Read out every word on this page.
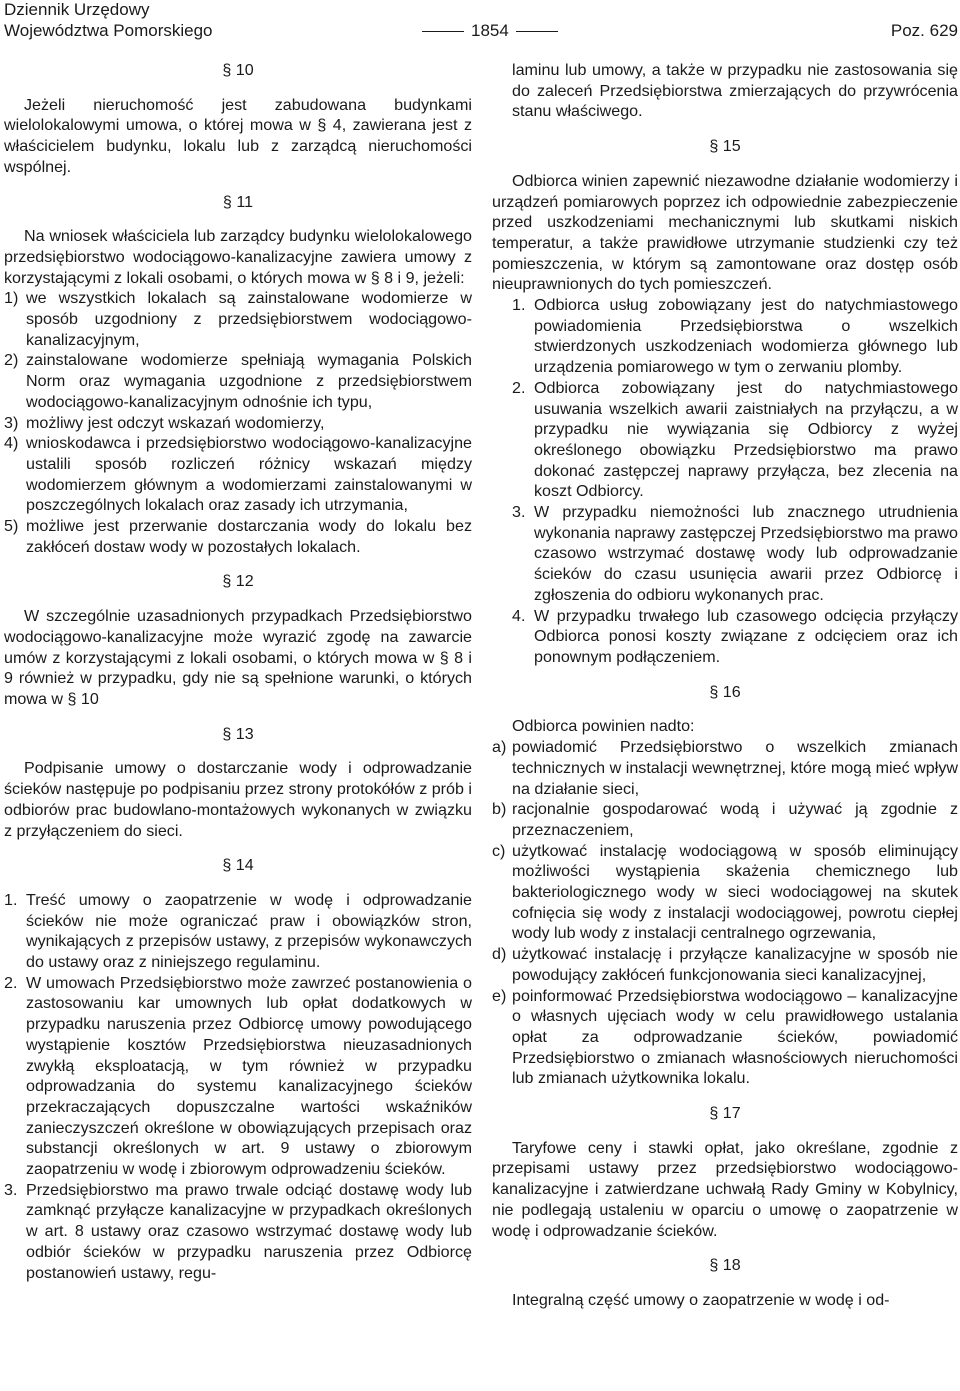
Dziennik Urzędowy
Województwa Pomorskiego	1854	Poz. 629

§ 10

Jeżeli nieruchomość jest zabudowana budynkami wielolokalowymi umowa, o której mowa w § 4, zawierana jest z właścicielem budynku, lokalu lub z zarządcą nieruchomości wspólnej.

§ 11

Na wniosek właściciela lub zarządcy budynku wielolokalowego przedsiębiorstwo wodociągowo-kanalizacyjne zawiera umowy z korzystającymi z lokali osobami, o których mowa w § 8 i 9, jeżeli:

1) we wszystkich lokalach są zainstalowane wodomierze w sposób uzgodniony z przedsiębiorstwem wodociągowo-kanalizacyjnym,
2) zainstalowane wodomierze spełniają wymagania Polskich Norm oraz wymagania uzgodnione z przedsiębiorstwem wodociągowo-kanalizacyjnym odnośnie ich typu,
3) możliwy jest odczyt wskazań wodomierzy,
4) wnioskodawca i przedsiębiorstwo wodociągowo-kanalizacyjne ustalili sposób rozliczeń różnicy wskazań między wodomierzem głównym a wodomierzami zainstalowanymi w poszczególnych lokalach oraz zasady ich utrzymania,
5) możliwe jest przerwanie dostarczania wody do lokalu bez zakłóceń dostaw wody w pozostałych lokalach.

§ 12

W szczególnie uzasadnionych przypadkach Przedsiębiorstwo wodociągowo-kanalizacyjne może wyrazić zgodę na zawarcie umów z korzystającymi z lokali osobami, o których mowa w § 8 i 9 również w przypadku, gdy nie są spełnione warunki, o których mowa w § 10

§ 13

Podpisanie umowy o dostarczanie wody i odprowadzanie ścieków następuje po podpisaniu przez strony protokółów z prób i odbiorów prac budowlano-montażowych wykonanych w związku z przyłączeniem do sieci.

§ 14

1. Treść umowy o zaopatrzenie w wodę i odprowadzanie ścieków nie może ograniczać praw i obowiązków stron, wynikających z przepisów ustawy, z przepisów wykonawczych do ustawy oraz z niniejszego regulaminu.
2. W umowach Przedsiębiorstwo może zawrzeć postanowienia o zastosowaniu kar umownych lub opłat dodatkowych w przypadku naruszenia przez Odbiorcę umowy powodującego wystąpienie kosztów Przedsiębiorstwa nieuzasadnionych zwykłą eksploatacją, w tym również w przypadku odprowadzania do systemu kanalizacyjnego ścieków przekraczających dopuszczalne wartości wskaźników zanieczyszczeń określone w obowiązujących przepisach oraz substancji określonych w art. 9 ustawy o zbiorowym zaopatrzeniu w wodę i zbiorowym odprowadzeniu ścieków.
3. Przedsiębiorstwo ma prawo trwale odciąć dostawę wody lub zamknąć przyłącze kanalizacyjne w przypadkach określonych w art. 8 ustawy oraz czasowo wstrzymać dostawę wody lub odbiór ścieków w przypadku naruszenia przez Odbiorcę postanowień ustawy, regu-

laminu lub umowy, a także w przypadku nie zastosowania się do zaleceń Przedsiębiorstwa zmierzających do przywrócenia stanu właściwego.

§ 15

Odbiorca winien zapewnić niezawodne działanie wodomierzy i urządzeń pomiarowych poprzez ich odpowiednie zabezpieczenie przed uszkodzeniami mechanicznymi lub skutkami niskich temperatur, a także prawidłowe utrzymanie studzienki czy też pomieszczenia, w którym są zamontowane oraz dostęp osób nieuprawnionych do tych pomieszczeń.

1. Odbiorca usług zobowiązany jest do natychmiastowego powiadomienia Przedsiębiorstwa o wszelkich stwierdzonych uszkodzeniach wodomierza głównego lub urządzenia pomiarowego w tym o zerwaniu plomby.
2. Odbiorca zobowiązany jest do natychmiastowego usuwania wszelkich awarii zaistniałych na przyłączu, a w przypadku nie wywiązania się Odbiorcy z wyżej określonego obowiązku Przedsiębiorstwo ma prawo dokonać zastępczej naprawy przyłącza, bez zlecenia na koszt Odbiorcy.
3. W przypadku niemożności lub znacznego utrudnienia wykonania naprawy zastępczej Przedsiębiorstwo ma prawo czasowo wstrzymać dostawę wody lub odprowadzanie ścieków do czasu usunięcia awarii przez Odbiorcę i zgłoszenia do odbioru wykonanych prac.
4. W przypadku trwałego lub czasowego odcięcia przyłączy Odbiorca ponosi koszty związane z odcięciem oraz ich ponownym podłączeniem.

§ 16

Odbiorca powinien nadto:

a) powiadomić Przedsiębiorstwo o wszelkich zmianach technicznych w instalacji wewnętrznej, które mogą mieć wpływ na działanie sieci,
b) racjonalnie gospodarować wodą i używać ją zgodnie z przeznaczeniem,
c) użytkować instalację wodociągową w sposób eliminujący możliwości wystąpienia skażenia chemicznego lub bakteriologicznego wody w sieci wodociągowej na skutek cofnięcia się wody z instalacji wodociągowej, powrotu ciepłej wody lub wody z instalacji centralnego ogrzewania,
d) użytkować instalację i przyłącze kanalizacyjne w sposób nie powodujący zakłóceń funkcjonowania sieci kanalizacyjnej,
e) poinformować Przedsiębiorstwa wodociągowo – kanalizacyjne o własnych ujęciach wody w celu prawidłowego ustalania opłat za odprowadzanie ścieków, powiadomić Przedsiębiorstwo o zmianach własnościowych nieruchomości lub zmianach użytkownika lokalu.

§ 17

Taryfowe ceny i stawki opłat, jako określane, zgodnie z przepisami ustawy przez przedsiębiorstwo wodociągowo-kanalizacyjne i zatwierdzane uchwałą Rady Gminy w Kobylnicy, nie podlegają ustaleniu w oparciu o umowę o zaopatrzenie w wodę i odprowadzanie ścieków.

§ 18

Integralną część umowy o zaopatrzenie w wodę i od-
